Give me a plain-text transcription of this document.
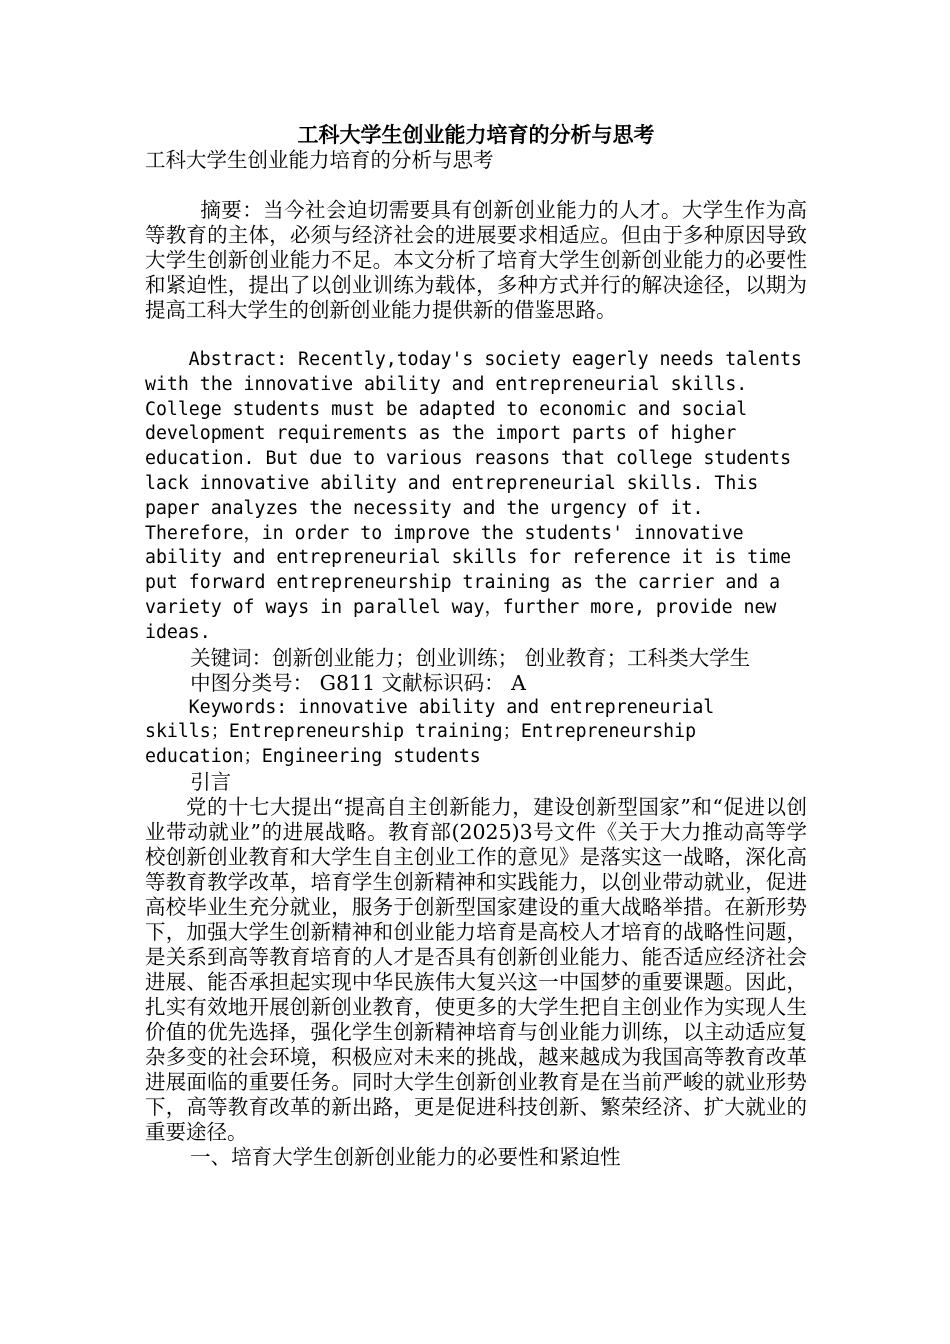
工科大学生创业能力培育的分析与思考

工科大学生创业能力培育的分析与思考

摘要：当今社会迫切需要具有创新创业能力的人才。大学生作为高等教育的主体，必须与经济社会的进展要求相适应。但由于多种原因导致大学生创新创业能力不足。本文分析了培育大学生创新创业能力的必要性和紧迫性，提出了以创业训练为载体，多种方式并行的解决途径，以期为提高工科大学生的创新创业能力提供新的借鉴思路。

Abstract: Recently,today's society eagerly needs talents with the innovative ability and entrepreneurial skills. College students must be adapted to economic and social development requirements as the import parts of higher education. But due to various reasons that college students lack innovative ability and entrepreneurial skills. This paper analyzes the necessity and the urgency of it. Therefore，in order to improve the students' innovative ability and entrepreneurial skills for reference it is time put forward entrepreneurship training as the carrier and a variety of ways in parallel way，further more, provide new ideas.

关键词：创新创业能力；创业训练； 创业教育；工科类大学生

中图分类号： G811 文献标识码： A

Keywords: innovative ability and entrepreneurial skills；Entrepreneurship training；Entrepreneurship education；Engineering students

引言

党的十七大提出“提高自主创新能力，建设创新型国家”和“促进以创业带动就业”的进展战略。教育部(2025)3号文件《关于大力推动高等学校创新创业教育和大学生自主创业工作的意见》是落实这一战略，深化高等教育教学改革，培育学生创新精神和实践能力，以创业带动就业，促进高校毕业生充分就业，服务于创新型国家建设的重大战略举措。在新形势下，加强大学生创新精神和创业能力培育是高校人才培育的战略性问题，是关系到高等教育培育的人才是否具有创新创业能力、能否适应经济社会进展、能否承担起实现中华民族伟大复兴这一中国梦的重要课题。因此，扎实有效地开展创新创业教育，使更多的大学生把自主创业作为实现人生价值的优先选择，强化学生创新精神培育与创业能力训练，以主动适应复杂多变的社会环境，积极应对未来的挑战，越来越成为我国高等教育改革进展面临的重要任务。同时大学生创新创业教育是在当前严峻的就业形势下，高等教育改革的新出路，更是促进科技创新、繁荣经济、扩大就业的重要途径。

一、培育大学生创新创业能力的必要性和紧迫性
